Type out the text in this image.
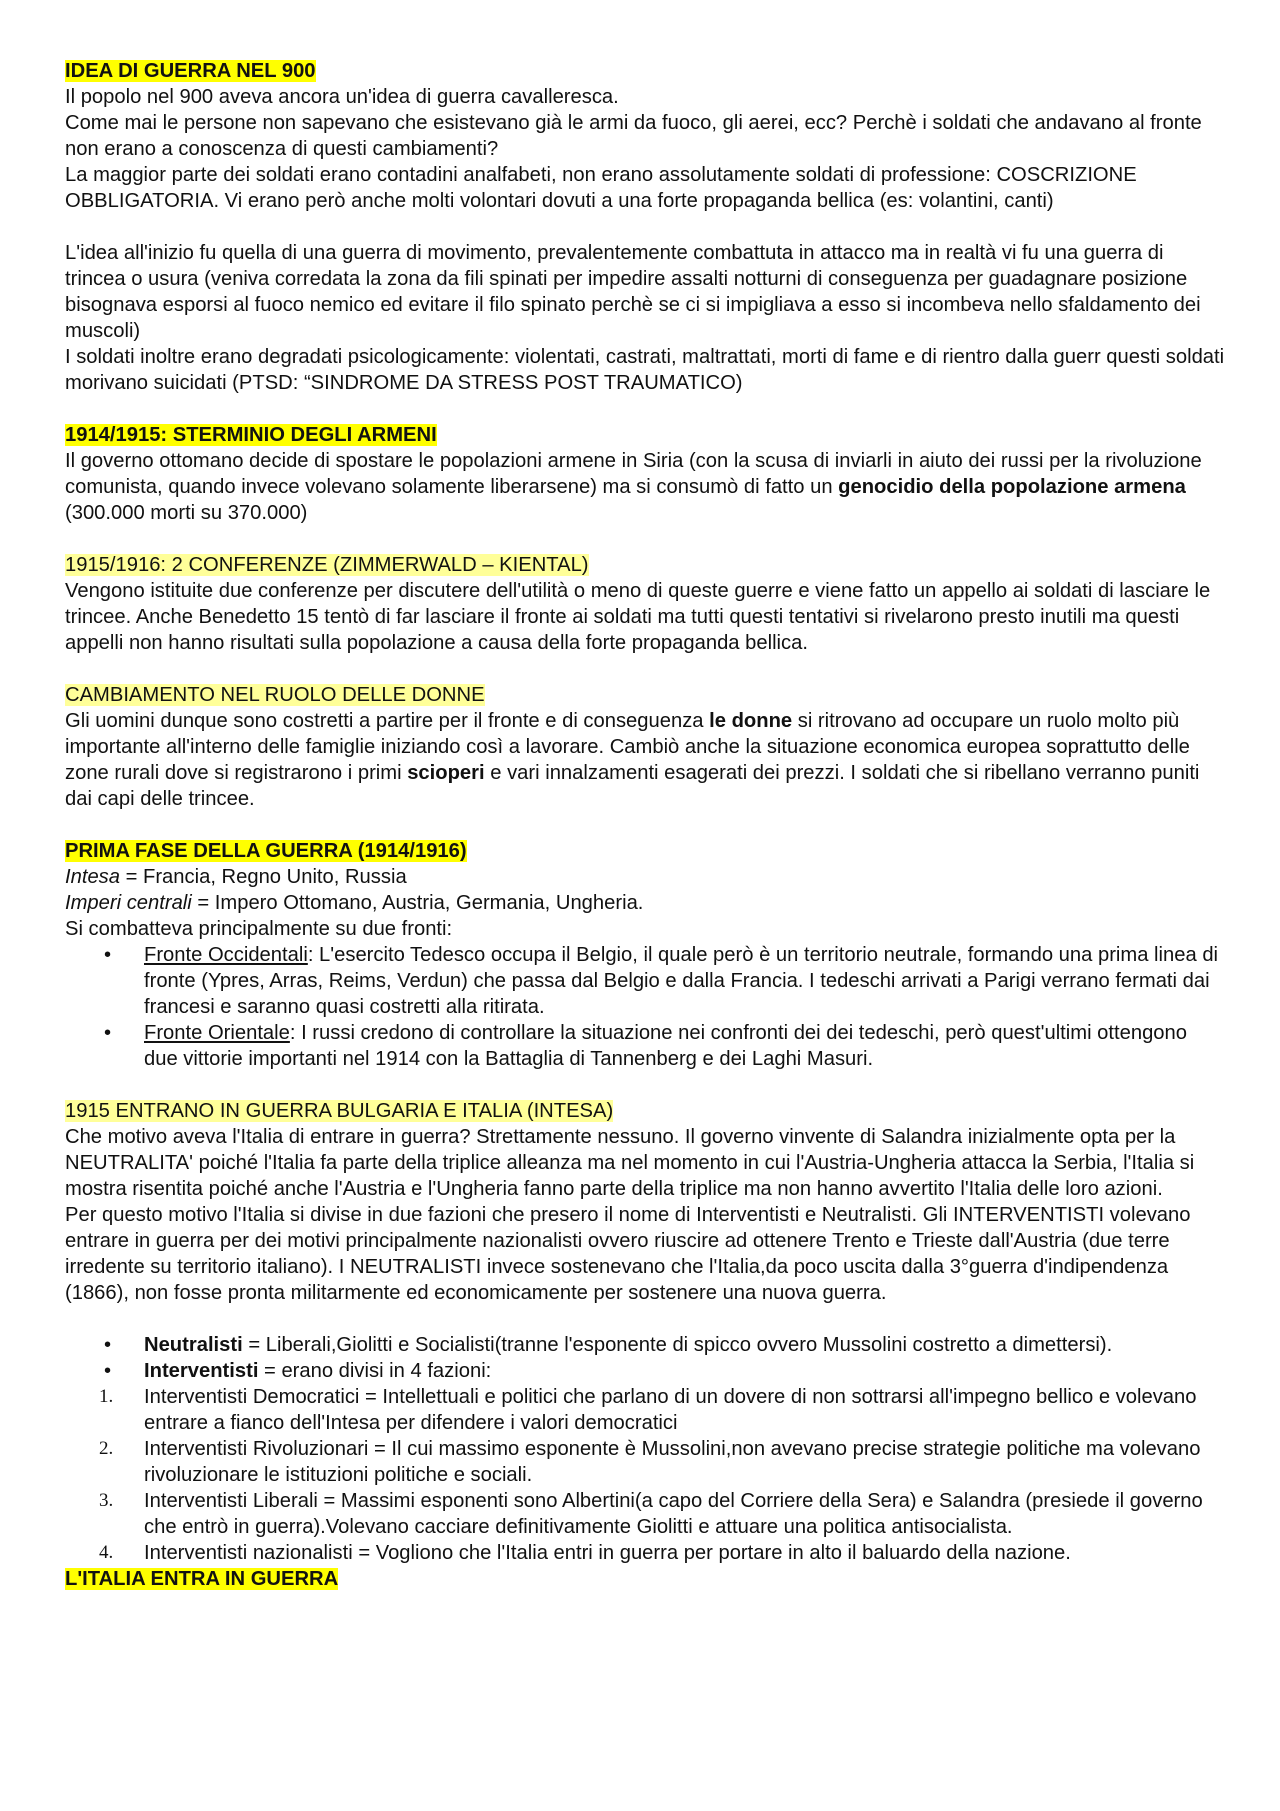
IDEA DI GUERRA NEL 900

Il popolo nel 900 aveva ancora un'idea di guerra cavalleresca.

Come mai le persone non sapevano che esistevano già le armi da fuoco, gli aerei, ecc? Perchè i soldati che andavano al fronte non erano a conoscenza di questi cambiamenti?

La maggior parte dei soldati erano contadini analfabeti, non erano assolutamente soldati di professione: COSCRIZIONE OBBLIGATORIA. Vi erano però anche molti volontari dovuti a una forte propaganda bellica (es: volantini, canti)

L'idea all'inizio fu quella di una guerra di movimento, prevalentemente combattuta in attacco ma in realtà vi fu una guerra di trincea o usura (veniva corredata la zona da fili spinati per impedire assalti notturni di conseguenza per guadagnare posizione bisognava esporsi al fuoco nemico ed evitare il filo spinato perchè se ci si impigliava a esso si incombeva nello sfaldamento dei muscoli)

I soldati inoltre erano degradati psicologicamente: violentati, castrati, maltrattati, morti di fame e di rientro dalla guerr questi soldati morivano suicidati (PTSD: “SINDROME DA STRESS POST TRAUMATICO)

1914/1915: STERMINIO DEGLI ARMENI

Il governo ottomano decide di spostare le popolazioni armene in Siria (con la scusa di inviarli in aiuto dei russi per la rivoluzione comunista, quando invece volevano solamente liberarsene) ma si consumò di fatto un genocidio della popolazione armena (300.000 morti su 370.000)

1915/1916: 2 CONFERENZE (ZIMMERWALD – KIENTAL)

Vengono istituite due conferenze per discutere dell'utilità o meno di queste guerre e viene fatto un appello ai soldati di lasciare le trincee. Anche Benedetto 15 tentò di far lasciare il fronte ai soldati ma tutti questi tentativi si rivelarono presto inutili ma questi appelli non hanno risultati sulla popolazione a causa della forte propaganda bellica.

CAMBIAMENTO NEL RUOLO DELLE DONNE

Gli uomini dunque sono costretti a partire per il fronte e di conseguenza le donne si ritrovano ad occupare un ruolo molto più importante all'interno delle famiglie iniziando così a lavorare. Cambiò anche la situazione economica europea soprattutto delle zone rurali dove si registrarono i primi scioperi e vari innalzamenti esagerati dei prezzi. I soldati che si ribellano verranno puniti dai capi delle trincee.

PRIMA FASE DELLA GUERRA (1914/1916)

Intesa = Francia, Regno Unito, Russia

Imperi centrali = Impero Ottomano, Austria, Germania, Ungheria.

Si combatteva principalmente su due fronti:

• Fronte Occidentali: L'esercito Tedesco occupa il Belgio, il quale però è un territorio neutrale, formando una prima linea di fronte (Ypres, Arras, Reims, Verdun) che passa dal Belgio e dalla Francia. I tedeschi arrivati a Parigi verrano fermati dai francesi e saranno quasi costretti alla ritirata.
• Fronte Orientale: I russi credono di controllare la situazione nei confronti dei dei tedeschi, però quest'ultimi ottengono due vittorie importanti nel 1914 con la Battaglia di Tannenberg e dei Laghi Masuri.

1915 ENTRANO IN GUERRA BULGARIA E ITALIA (INTESA)

Che motivo aveva l'Italia di entrare in guerra? Strettamente nessuno. Il governo vinvente di Salandra inizialmente opta per la NEUTRALITA' poiché l'Italia fa parte della triplice alleanza ma nel momento in cui l'Austria-Ungheria attacca la Serbia, l'Italia si mostra risentita poiché anche l'Austria e l'Ungheria fanno parte della triplice ma non hanno avvertito l'Italia delle loro azioni.

Per questo motivo l'Italia si divise in due fazioni che presero il nome di Interventisti e Neutralisti. Gli INTERVENTISTI volevano entrare in guerra per dei motivi principalmente nazionalisti ovvero riuscire ad ottenere Trento e Trieste dall'Austria (due terre irredente su territorio italiano). I NEUTRALISTI invece sostenevano che l'Italia,da poco uscita dalla 3°guerra d'indipendenza (1866), non fosse pronta militarmente ed economicamente per sostenere una nuova guerra.

• Neutralisti = Liberali,Giolitti e Socialisti(tranne l'esponente di spicco ovvero Mussolini costretto a dimettersi).
• Interventisti = erano divisi in 4 fazioni:
1. Interventisti Democratici = Intellettuali e politici che parlano di un dovere di non sottrarsi all'impegno bellico e volevano entrare a fianco dell'Intesa per difendere i valori democratici
2. Interventisti Rivoluzionari = Il cui massimo esponente è Mussolini,non avevano precise strategie politiche ma volevano rivoluzionare le istituzioni politiche e sociali.
3. Interventisti Liberali = Massimi esponenti sono Albertini(a capo del Corriere della Sera) e Salandra (presiede il governo che entrò in guerra).Volevano cacciare definitivamente Giolitti e attuare una politica antisocialista.
4. Interventisti nazionalisti = Vogliono che l'Italia entri in guerra per portare in alto il baluardo della nazione.

L'ITALIA ENTRA IN GUERRA
